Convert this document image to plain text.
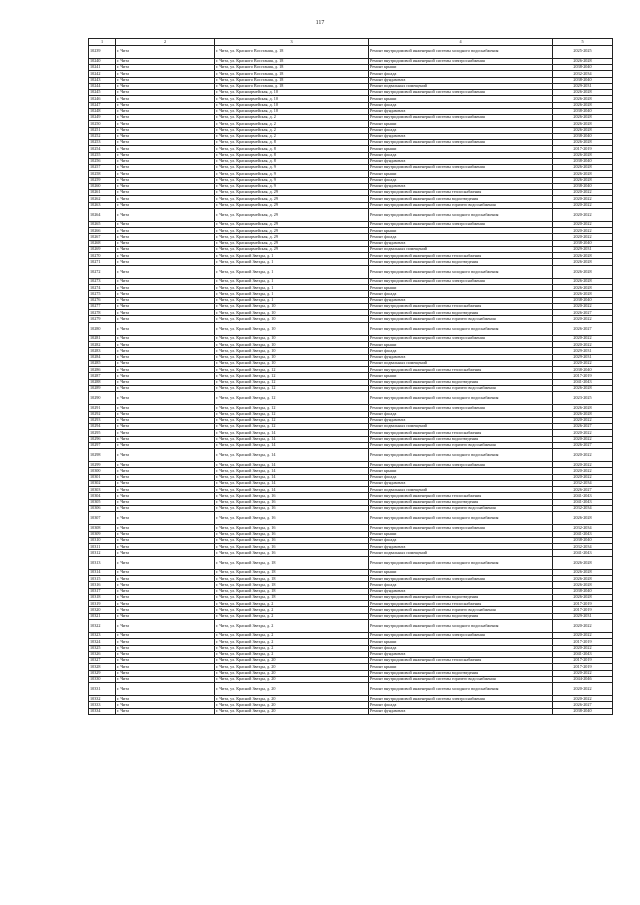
117
1	2	3	4	5
10239	г. Чита	г. Чита, ул. Красного Восстания, д. 18	Ремонт внутридомовой инженерной системы холодного водоснабжения	2025-2025
10240	г. Чита	г. Чита, ул. Красного Восстания, д. 18	Ремонт внутридомовой инженерной системы электроснабжения	2026-2028
10241	г. Чита	г. Чита, ул. Красного Восстания, д. 18	Ремонт крыши	2038-2040
10242	г. Чита	г. Чита, ул. Красного Восстания, д. 18	Ремонт фасада	2032-2034
10243	г. Чита	г. Чита, ул. Красного Восстания, д. 18	Ремонт фундамента	2038-2040
10244	г. Чита	г. Чита, ул. Красного Восстания, д. 18	Ремонт подвальных помещений	2029-2031
10245	г. Чита	г. Чита, ул. Красноармейская, д. 10	Ремонт внутридомовой инженерной системы электроснабжения	2026-2028
10246	г. Чита	г. Чита, ул. Красноармейская, д. 10	Ремонт крыши	2026-2028
10247	г. Чита	г. Чита, ул. Красноармейская, д. 10	Ремонт фасада	2026-2028
10248	г. Чита	г. Чита, ул. Красноармейская, д. 10	Ремонт фундамента	2038-2040
10249	г. Чита	г. Чита, ул. Красноармейская, д. 2	Ремонт внутридомовой инженерной системы электроснабжения	2026-2028
10250	г. Чита	г. Чита, ул. Красноармейская, д. 2	Ремонт крыши	2026-2028
10251	г. Чита	г. Чита, ул. Красноармейская, д. 2	Ремонт фасада	2026-2028
10252	г. Чита	г. Чита, ул. Красноармейская, д. 2	Ремонт фундамента	2038-2040
10253	г. Чита	г. Чита, ул. Красноармейская, д. 8	Ремонт внутридомовой инженерной системы электроснабжения	2026-2028
10254	г. Чита	г. Чита, ул. Красноармейская, д. 8	Ремонт крыши	2017-2019
10255	г. Чита	г. Чита, ул. Красноармейская, д. 8	Ремонт фасада	2026-2028
10256	г. Чита	г. Чита, ул. Красноармейская, д. 8	Ремонт фундамента	2038-2040
10257	г. Чита	г. Чита, ул. Красноармейская, д. 9	Ремонт внутридомовой инженерной системы электроснабжения	2026-2028
10258	г. Чита	г. Чита, ул. Красноармейская, д. 9	Ремонт крыши	2026-2028
10259	г. Чита	г. Чита, ул. Красноармейская, д. 9	Ремонт фасада	2026-2028
10260	г. Чита	г. Чита, ул. Красноармейская, д. 9	Ремонт фундамента	2038-2040
10261	г. Чита	г. Чита, ул. Красноармейская, д. 29	Ремонт внутридомовой инженерной системы теплоснабжения	2020-2022
10262	г. Чита	г. Чита, ул. Красноармейская, д. 29	Ремонт внутридомовой инженерной системы водоотведения	2020-2022
10263	г. Чита	г. Чита, ул. Красноармейская, д. 29	Ремонт внутридомовой инженерной системы горячего водоснабжения	2020-2022
10264	г. Чита	г. Чита, ул. Красноармейская, д. 29	Ремонт внутридомовой инженерной системы холодного водоснабжения	2020-2022
10265	г. Чита	г. Чита, ул. Красноармейская, д. 29	Ремонт внутридомовой инженерной системы электроснабжения	2020-2022
10266	г. Чита	г. Чита, ул. Красноармейская, д. 29	Ремонт крыши	2020-2022
10267	г. Чита	г. Чита, ул. Красноармейская, д. 29	Ремонт фасада	2020-2022
10268	г. Чита	г. Чита, ул. Красноармейская, д. 29	Ремонт фундамента	2038-2040
10269	г. Чита	г. Чита, ул. Красноармейская, д. 29	Ремонт подвальных помещений	2029-2031
10270	г. Чита	г. Чита, ул. Красной Звезды, д. 1	Ремонт внутридомовой инженерной системы теплоснабжения	2026-2028
10271	г. Чита	г. Чита, ул. Красной Звезды, д. 1	Ремонт внутридомовой инженерной системы водоотведения	2026-2028
10272	г. Чита	г. Чита, ул. Красной Звезды, д. 1	Ремонт внутридомовой инженерной системы холодного водоснабжения	2026-2028
10273	г. Чита	г. Чита, ул. Красной Звезды, д. 1	Ремонт внутридомовой инженерной системы электроснабжения	2026-2028
10274	г. Чита	г. Чита, ул. Красной Звезды, д. 1	Ремонт крыши	2026-2028
10275	г. Чита	г. Чита, ул. Красной Звезды, д. 1	Ремонт фасада	2026-2028
10276	г. Чита	г. Чита, ул. Красной Звезды, д. 1	Ремонт фундамента	2038-2040
10277	г. Чита	г. Чита, ул. Красной Звезды, д. 10	Ремонт внутридомовой инженерной системы теплоснабжения	2020-2022
10278	г. Чита	г. Чита, ул. Красной Звезды, д. 10	Ремонт внутридомовой инженерной системы водоотведения	2026-2027
10279	г. Чита	г. Чита, ул. Красной Звезды, д. 10	Ремонт внутридомовой инженерной системы горячего водоснабжения	2020-2022
10280	г. Чита	г. Чита, ул. Красной Звезды, д. 10	Ремонт внутридомовой инженерной системы холодного водоснабжения	2026-2027
10281	г. Чита	г. Чита, ул. Красной Звезды, д. 10	Ремонт внутридомовой инженерной системы электроснабжения	2020-2022
10282	г. Чита	г. Чита, ул. Красной Звезды, д. 10	Ремонт крыши	2020-2022
10283	г. Чита	г. Чита, ул. Красной Звезды, д. 10	Ремонт фасада	2029-2031
10284	г. Чита	г. Чита, ул. Красной Звезды, д. 10	Ремонт фундамента	2029-2031
10285	г. Чита	г. Чита, ул. Красной Звезды, д. 10	Ремонт подвальных помещений	2020-2022
10286	г. Чита	г. Чита, ул. Красной Звезды, д. 12	Ремонт внутридомовой инженерной системы теплоснабжения	2038-2040
10287	г. Чита	г. Чита, ул. Красной Звезды, д. 12	Ремонт крыши	2017-2019
10288	г. Чита	г. Чита, ул. Красной Звезды, д. 12	Ремонт внутридомовой инженерной системы водоотведения	2041-2043
10289	г. Чита	г. Чита, ул. Красной Звезды, д. 12	Ремонт внутридомовой инженерной системы горячего водоснабжения	2026-2028
10290	г. Чита	г. Чита, ул. Красной Звезды, д. 12	Ремонт внутридомовой инженерной системы холодного водоснабжения	2023-2025
10291	г. Чита	г. Чита, ул. Красной Звезды, д. 12	Ремонт внутридомовой инженерной системы электроснабжения	2026-2028
10292	г. Чита	г. Чита, ул. Красной Звезды, д. 12	Ремонт фасада	2026-2028
10293	г. Чита	г. Чита, ул. Красной Звезды, д. 12	Ремонт фундамента	2020-2022
10294	г. Чита	г. Чита, ул. Красной Звезды, д. 12	Ремонт подвальных помещений	2026-2027
10295	г. Чита	г. Чита, ул. Красной Звезды, д. 14	Ремонт внутридомовой инженерной системы теплоснабжения	2020-2022
10296	г. Чита	г. Чита, ул. Красной Звезды, д. 14	Ремонт внутридомовой инженерной системы водоотведения	2020-2022
10297	г. Чита	г. Чита, ул. Красной Звезды, д. 14	Ремонт внутридомовой инженерной системы горячего водоснабжения	2026-2027
10298	г. Чита	г. Чита, ул. Красной Звезды, д. 14	Ремонт внутридомовой инженерной системы холодного водоснабжения	2020-2022
10299	г. Чита	г. Чита, ул. Красной Звезды, д. 14	Ремонт внутридомовой инженерной системы электроснабжения	2020-2022
10300	г. Чита	г. Чита, ул. Красной Звезды, д. 14	Ремонт крыши	2020-2022
10301	г. Чита	г. Чита, ул. Красной Звезды, д. 14	Ремонт фасада	2020-2022
10302	г. Чита	г. Чита, ул. Красной Звезды, д. 14	Ремонт фундамента	2032-2034
10303	г. Чита	г. Чита, ул. Красной Звезды, д. 14	Ремонт подвальных помещений	2026-2027
10304	г. Чита	г. Чита, ул. Красной Звезды, д. 16	Ремонт внутридомовой инженерной системы теплоснабжения	2041-2043
10305	г. Чита	г. Чита, ул. Красной Звезды, д. 16	Ремонт внутридомовой инженерной системы водоотведения	2041-2043
10306	г. Чита	г. Чита, ул. Красной Звезды, д. 16	Ремонт внутридомовой инженерной системы горячего водоснабжения	2032-2034
10307	г. Чита	г. Чита, ул. Красной Звезды, д. 16	Ремонт внутридомовой инженерной системы холодного водоснабжения	2026-2028
10308	г. Чита	г. Чита, ул. Красной Звезды, д. 16	Ремонт внутридомовой инженерной системы электроснабжения	2032-2034
10309	г. Чита	г. Чита, ул. Красной Звезды, д. 16	Ремонт крыши	2041-2043
10310	г. Чита	г. Чита, ул. Красной Звезды, д. 16	Ремонт фасада	2038-2040
10311	г. Чита	г. Чита, ул. Красной Звезды, д. 16	Ремонт фундамента	2032-2034
10312	г. Чита	г. Чита, ул. Красной Звезды, д. 16	Ремонт подвальных помещений	2041-2043
10313	г. Чита	г. Чита, ул. Красной Звезды, д. 18	Ремонт внутридомовой инженерной системы холодного водоснабжения	2026-2028
10314	г. Чита	г. Чита, ул. Красной Звезды, д. 18	Ремонт крыши	2026-2028
10315	г. Чита	г. Чита, ул. Красной Звезды, д. 18	Ремонт внутридомовой инженерной системы электроснабжения	2026-2028
10316	г. Чита	г. Чита, ул. Красной Звезды, д. 18	Ремонт фасада	2026-2028
10317	г. Чита	г. Чита, ул. Красной Звезды, д. 18	Ремонт фундамента	2038-2040
10318	г. Чита	г. Чита, ул. Красной Звезды, д. 18	Ремонт внутридомовой инженерной системы водоотведения	2026-2028
10319	г. Чита	г. Чита, ул. Красной Звезды, д. 2	Ремонт внутридомовой инженерной системы теплоснабжения	2017-2019
10320	г. Чита	г. Чита, ул. Красной Звезды, д. 2	Ремонт внутридомовой инженерной системы горячего водоснабжения	2017-2019
10321	г. Чита	г. Чита, ул. Красной Звезды, д. 2	Ремонт внутридомовой инженерной системы водоотведения	2029-2031
10322	г. Чита	г. Чита, ул. Красной Звезды, д. 2	Ремонт внутридомовой инженерной системы холодного водоснабжения	2020-2022
10323	г. Чита	г. Чита, ул. Красной Звезды, д. 2	Ремонт внутридомовой инженерной системы электроснабжения	2020-2022
10324	г. Чита	г. Чита, ул. Красной Звезды, д. 2	Ремонт крыши	2017-2019
10325	г. Чита	г. Чита, ул. Красной Звезды, д. 2	Ремонт фасада	2020-2022
10326	г. Чита	г. Чита, ул. Красной Звезды, д. 2	Ремонт фундамента	2041-2043
10327	г. Чита	г. Чита, ул. Красной Звезды, д. 20	Ремонт внутридомовой инженерной системы теплоснабжения	2017-2019
10328	г. Чита	г. Чита, ул. Красной Звезды, д. 20	Ремонт крыши	2017-2019
10329	г. Чита	г. Чита, ул. Красной Звезды, д. 20	Ремонт внутридомовой инженерной системы водоотведения	2020-2022
10330	г. Чита	г. Чита, ул. Красной Звезды, д. 20	Ремонт внутридомовой инженерной системы горячего водоснабжения	2044-2046
10331	г. Чита	г. Чита, ул. Красной Звезды, д. 20	Ремонт внутридомовой инженерной системы холодного водоснабжения	2020-2022
10332	г. Чита	г. Чита, ул. Красной Звезды, д. 20	Ремонт внутридомовой инженерной системы электроснабжения	2020-2022
10333	г. Чита	г. Чита, ул. Красной Звезды, д. 20	Ремонт фасада	2026-2027
10334	г. Чита	г. Чита, ул. Красной Звезды, д. 20	Ремонт фундамента	2038-2040
